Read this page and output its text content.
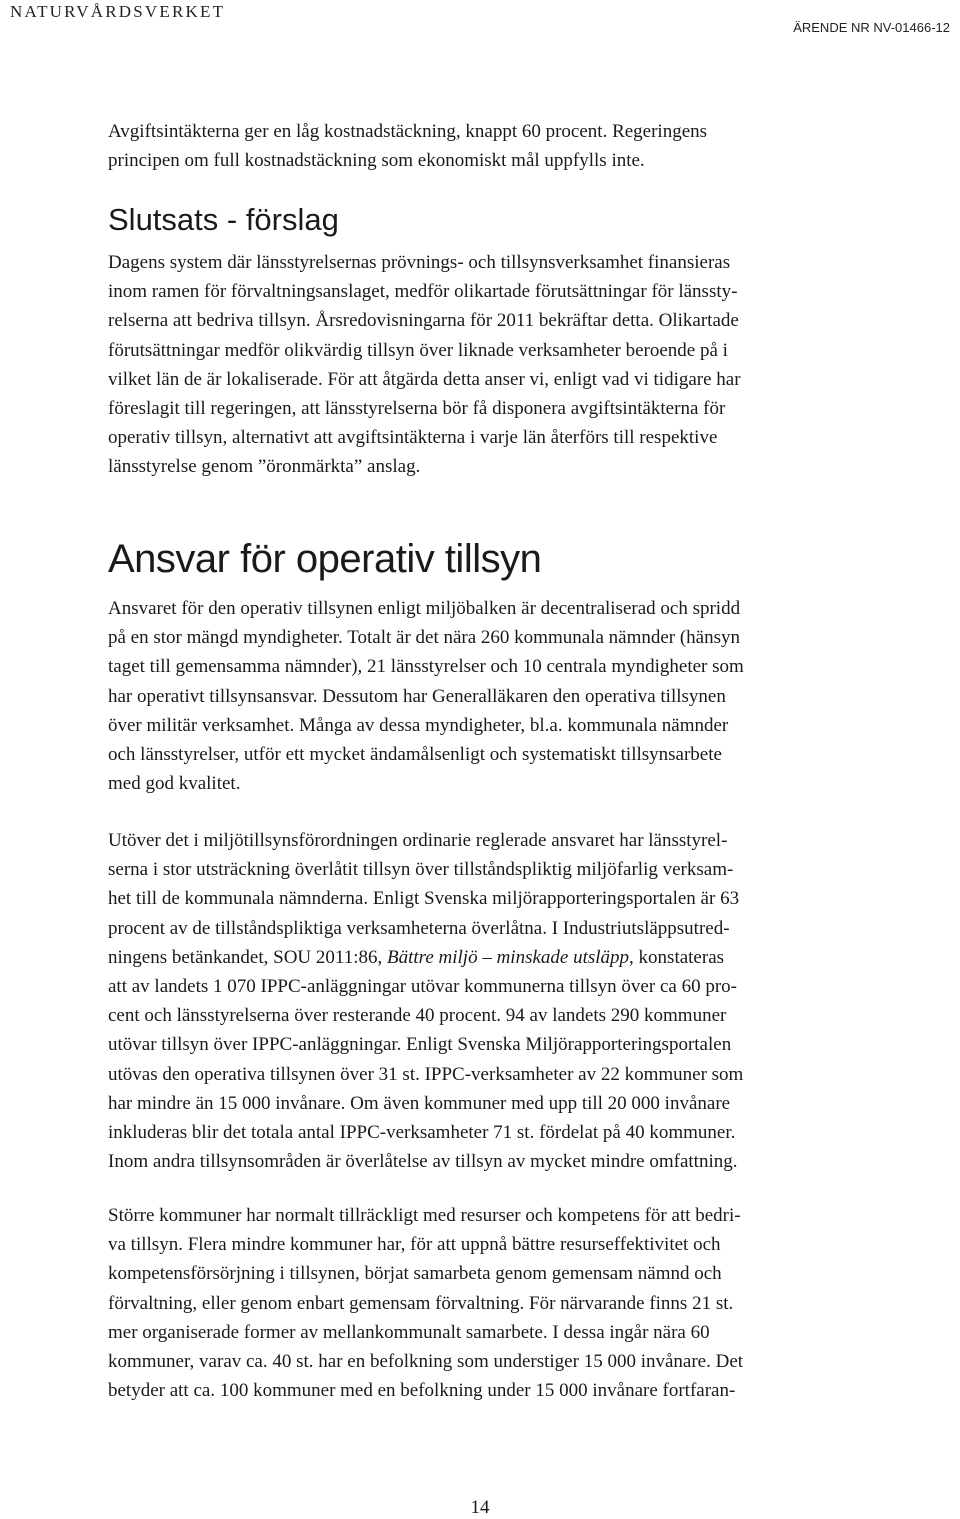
NATURVÅRDSVERKET
ÄRENDE NR NV-01466-12

Avgiftsintäkterna ger en låg kostnadstäckning, knappt 60 procent. Regeringens
principen om full kostnadstäckning som ekonomiskt mål uppfylls inte.

Slutsats - förslag

Dagens system där länsstyrelsernas prövnings- och tillsynsverksamhet finansieras
inom ramen för förvaltningsanslaget, medför olikartade förutsättningar för länssty-
relserna att bedriva tillsyn. Årsredovisningarna för 2011 bekräftar detta. Olikartade
förutsättningar medför olikvärdig tillsyn över liknade verksamheter beroende på i
vilket län de är lokaliserade. För att åtgärda detta anser vi, enligt vad vi tidigare har
föreslagit till regeringen, att länsstyrelserna bör få disponera avgiftsintäkterna för
operativ tillsyn, alternativt att avgiftsintäkterna i varje län återförs till respektive
länsstyrelse genom ”öronmärkta” anslag.

Ansvar för operativ tillsyn

Ansvaret för den operativ tillsynen enligt miljöbalken är decentraliserad och spridd
på en stor mängd myndigheter. Totalt är det nära 260 kommunala nämnder (hänsyn
taget till gemensamma nämnder), 21 länsstyrelser och 10 centrala myndigheter som
har operativt tillsynsansvar. Dessutom har Generalläkaren den operativa tillsynen
över militär verksamhet. Många av dessa myndigheter, bl.a. kommunala nämnder
och länsstyrelser, utför ett mycket ändamålsenligt och systematiskt tillsynsarbete
med god kvalitet.

Utöver det i miljötillsynsförordningen ordinarie reglerade ansvaret har länsstyrel-
serna i stor utsträckning överlåtit tillsyn över tillståndspliktig miljöfarlig verksam-
het till de kommunala nämnderna. Enligt Svenska miljörapporteringsportalen är 63
procent av de tillståndspliktiga verksamheterna överlåtna. I Industriutsläppsutred-
ningens betänkandet, SOU 2011:86, Bättre miljö – minskade utsläpp, konstateras
att av landets 1 070 IPPC-anläggningar utövar kommunerna tillsyn över ca 60 pro-
cent och länsstyrelserna över resterande 40 procent. 94 av landets 290 kommuner
utövar tillsyn över IPPC-anläggningar. Enligt Svenska Miljörapporteringsportalen
utövas den operativa tillsynen över 31 st. IPPC-verksamheter av 22 kommuner som
har mindre än 15 000 invånare. Om även kommuner med upp till 20 000 invånare
inkluderas blir det totala antal IPPC-verksamheter 71 st. fördelat på 40 kommuner.
Inom andra tillsynsområden är överlåtelse av tillsyn av mycket mindre omfattning.

Större kommuner har normalt tillräckligt med resurser och kompetens för att bedri-
va tillsyn. Flera mindre kommuner har, för att uppnå bättre resurseffektivitet och
kompetensförsörjning i tillsynen, börjat samarbeta genom gemensam nämnd och
förvaltning, eller genom enbart gemensam förvaltning. För närvarande finns 21 st.
mer organiserade former av mellankommunalt samarbete. I dessa ingår nära 60
kommuner, varav ca. 40 st. har en befolkning som understiger 15 000 invånare. Det
betyder att ca. 100 kommuner med en befolkning under 15 000 invånare fortfaran-

14
